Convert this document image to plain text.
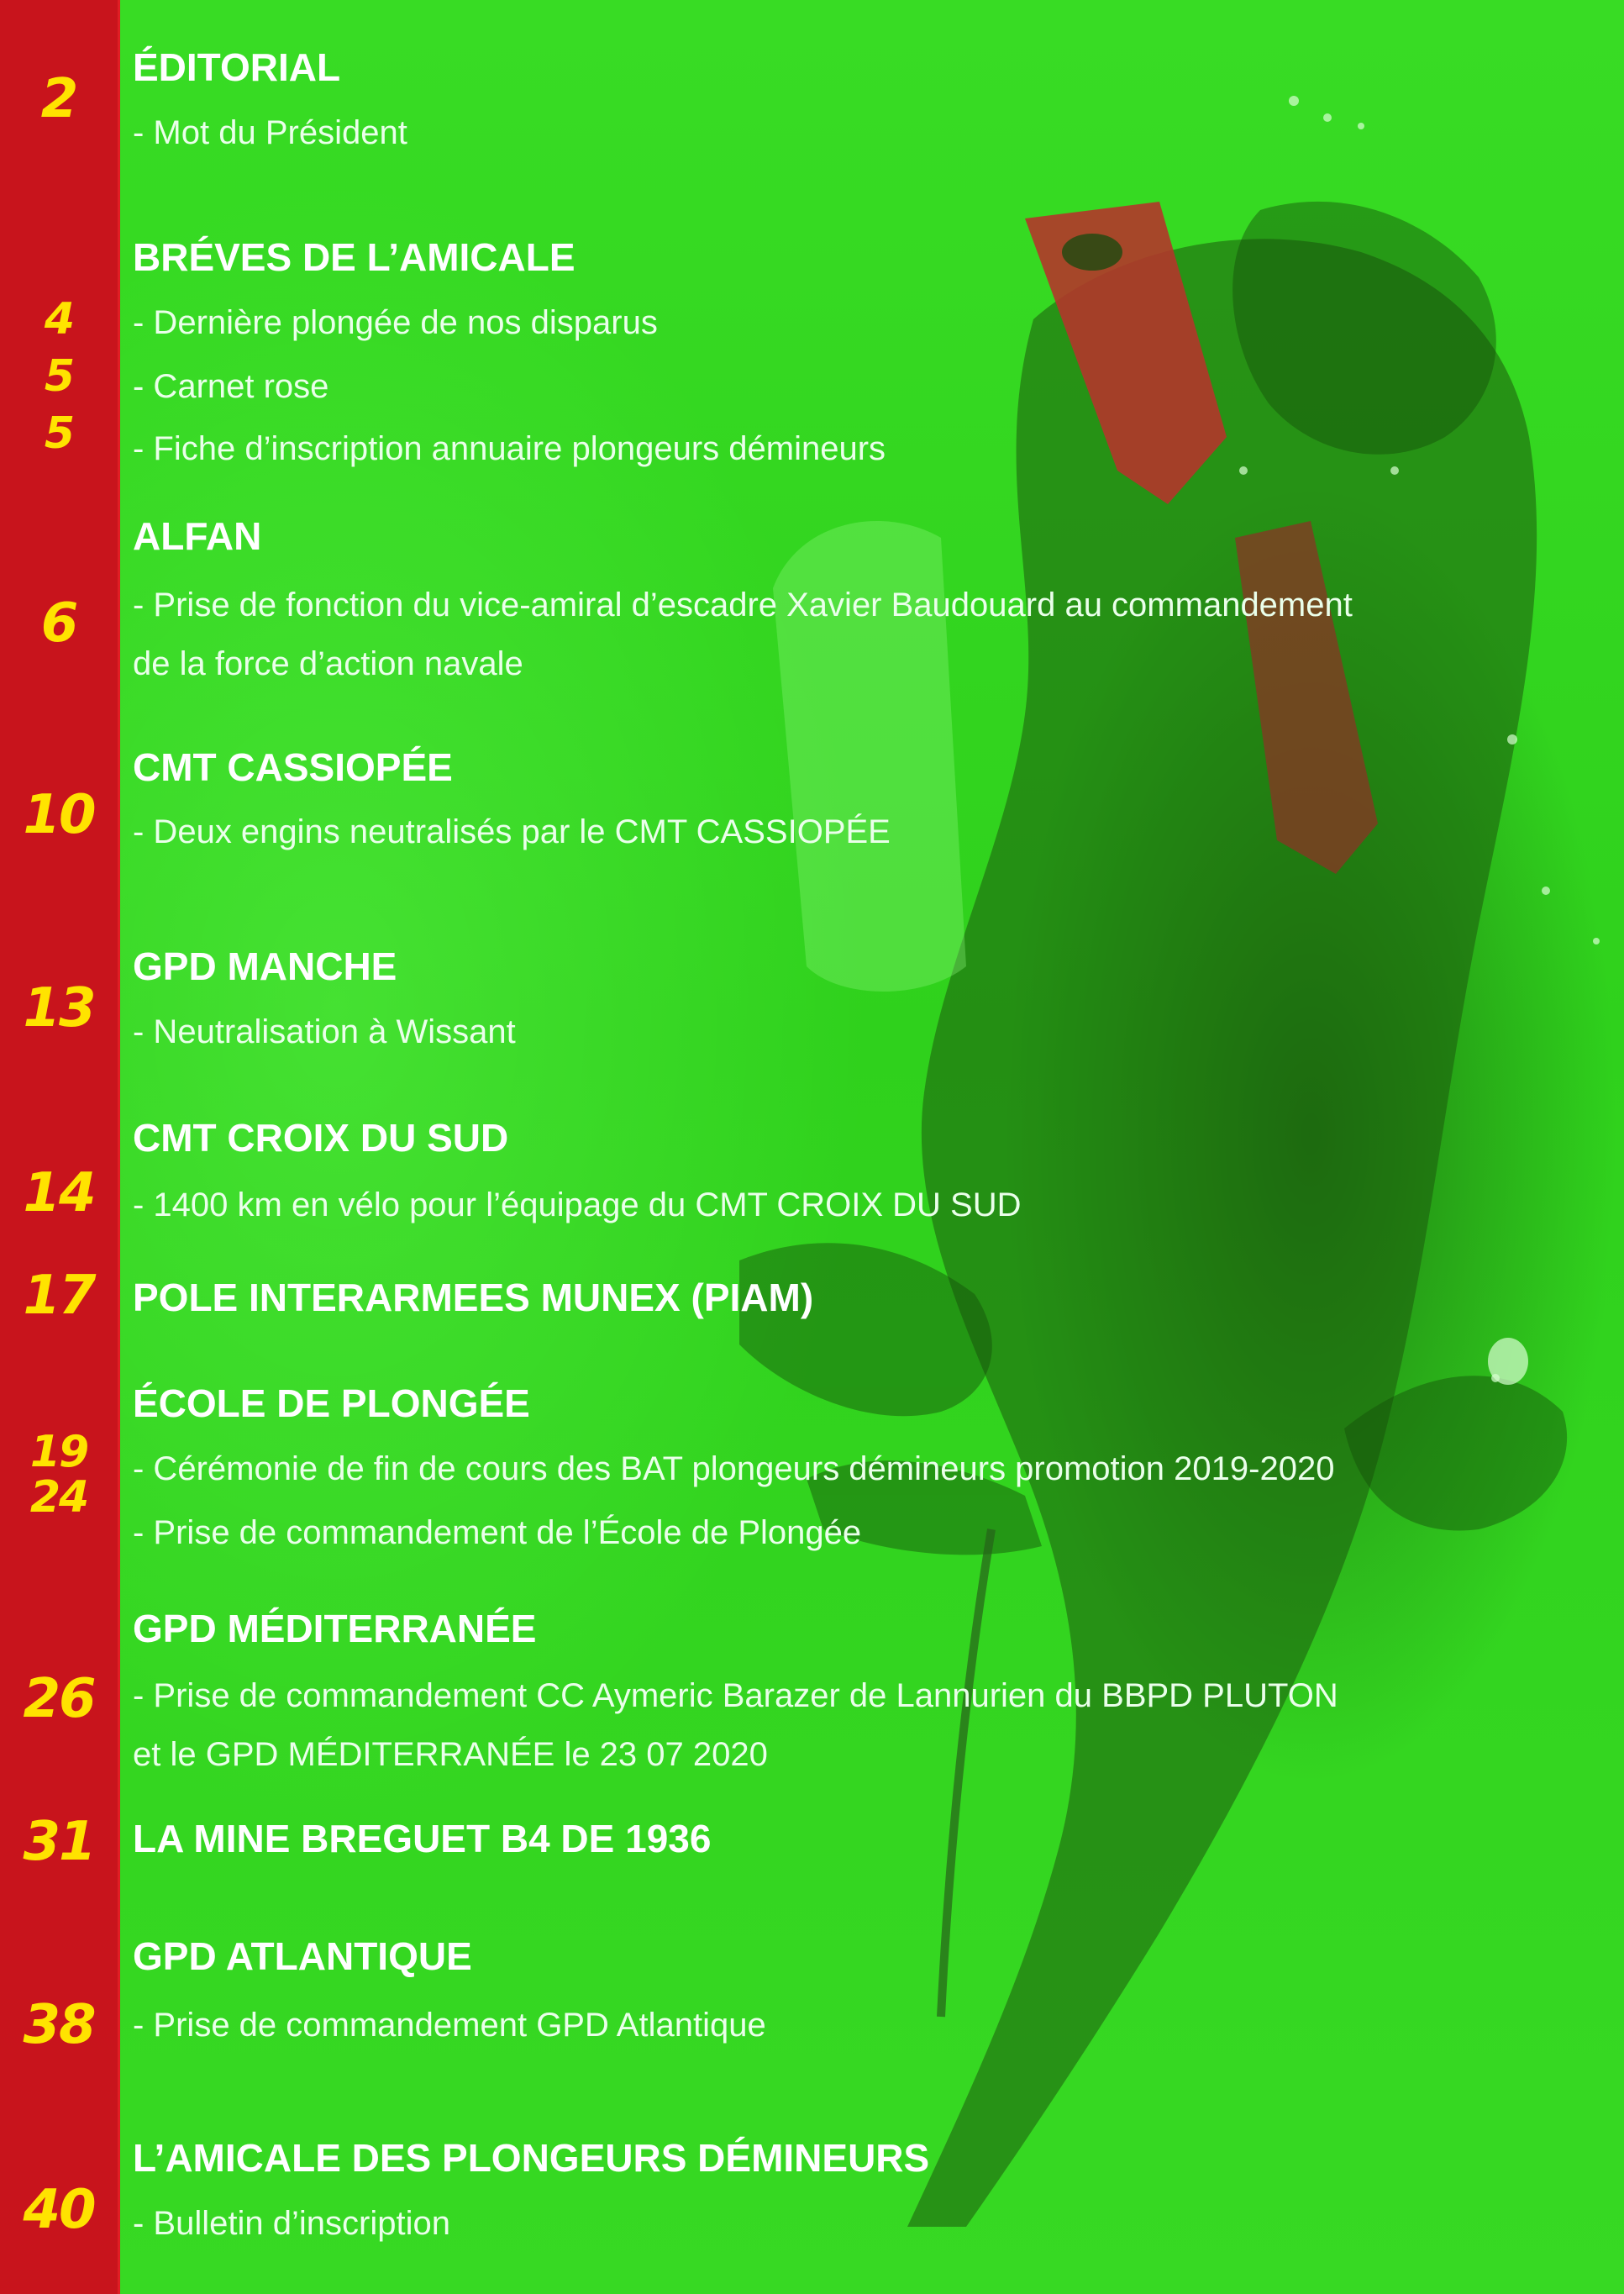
2
4
5
5
6
10
13
14
17
19
24
26
31
38
40
ÉDITORIAL
- Mot du Président
BRÉVES DE L’AMICALE
- Dernière plongée de nos disparus
- Carnet rose
- Fiche d’inscription annuaire plongeurs démineurs
ALFAN
- Prise de fonction du vice-amiral d’escadre Xavier Baudouard au commandement
de la force d’action navale
CMT CASSIOPÉE
- Deux engins neutralisés par le CMT CASSIOPÉE
GPD MANCHE
- Neutralisation à Wissant
CMT CROIX DU SUD
- 1400 km en vélo pour l’équipage du CMT CROIX DU SUD
POLE INTERARMEES MUNEX (PIAM)
ÉCOLE DE PLONGÉE
- Cérémonie de fin de cours des BAT plongeurs démineurs promotion 2019-2020
- Prise de commandement de l’École de Plongée
GPD MÉDITERRANÉE
- Prise de commandement CC Aymeric Barazer de Lannurien du BBPD PLUTON
et le GPD MÉDITERRANÉE le 23 07 2020
LA MINE BREGUET B4 DE 1936
GPD ATLANTIQUE
- Prise de commandement GPD Atlantique
L’AMICALE DES PLONGEURS DÉMINEURS
- Bulletin d’inscription
